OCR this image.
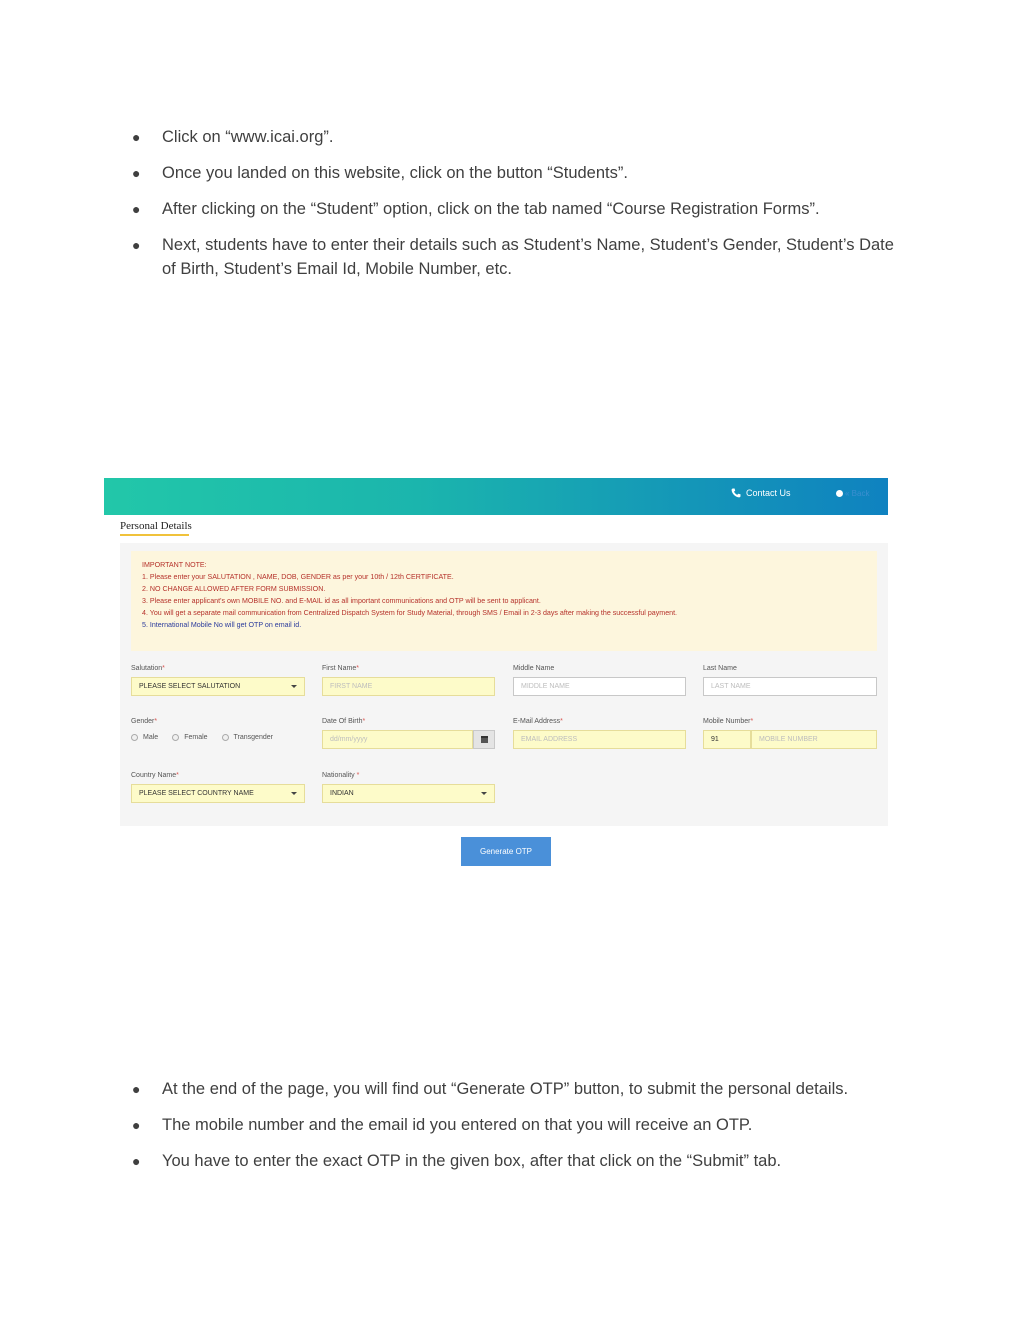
● Click on “www.icai.org”.
● Once you landed on this website, click on the button “Students”.
● After clicking on the “Student” option, click on the tab named “Course Registration Forms”.
● Next, students have to enter their details such as Student’s Name, Student’s Gender, Student’s Date of Birth, Student’s Email Id, Mobile Number, etc.
Contact Us	« Back
Personal Details

IMPORTANT NOTE:

1. Please enter your SALUTATION , NAME, DOB, GENDER as per your 10th / 12th CERTIFICATE.

2. NO CHANGE ALLOWED AFTER FORM SUBMISSION.

3. Please enter applicant's own MOBILE NO. and E-MAIL id as all important communications and OTP will be sent to applicant.

4. You will get a separate mail communication from Centralized Dispatch System for Study Material, through SMS / Email in 2-3 days after making the successful payment.

5. International Mobile No will get OTP on email id.

Salutation*
PLEASE SELECT SALUTATION
First Name*
FIRST NAME
Middle Name
MIDDLE NAME
Last Name
LAST NAME
Gender*
Male	Female	Transgender
Date Of Birth*
dd/mm/yyyy
E-Mail Address*
EMAIL ADDRESS
Mobile Number*
91	MOBILE NUMBER
Country Name*
PLEASE SELECT COUNTRY NAME
Nationality *
INDIAN
Generate OTP
● At the end of the page, you will find out “Generate OTP” button, to submit the personal details.
● The mobile number and the email id you entered on that you will receive an OTP.
● You have to enter the exact OTP in the given box, after that click on the “Submit” tab.
